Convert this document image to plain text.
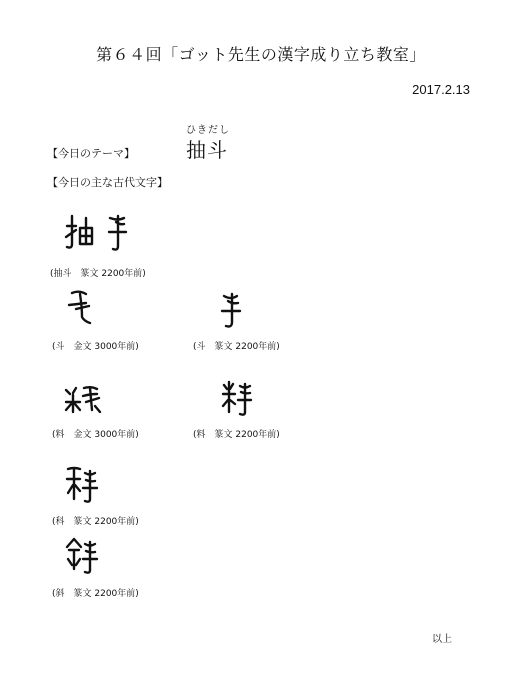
第６４回「ゴット先生の漢字成り立ち教室」
2017.2.13
ひきだし
【今日のテーマ】	抽斗
【今日の主な古代文字】
(抽斗　篆文 2200年前)
(斗　金文 3000年前)	(斗　篆文 2200年前)
(料　金文 3000年前)	(料　篆文 2200年前)
(科　篆文 2200年前)
(斜　篆文 2200年前)
以上
